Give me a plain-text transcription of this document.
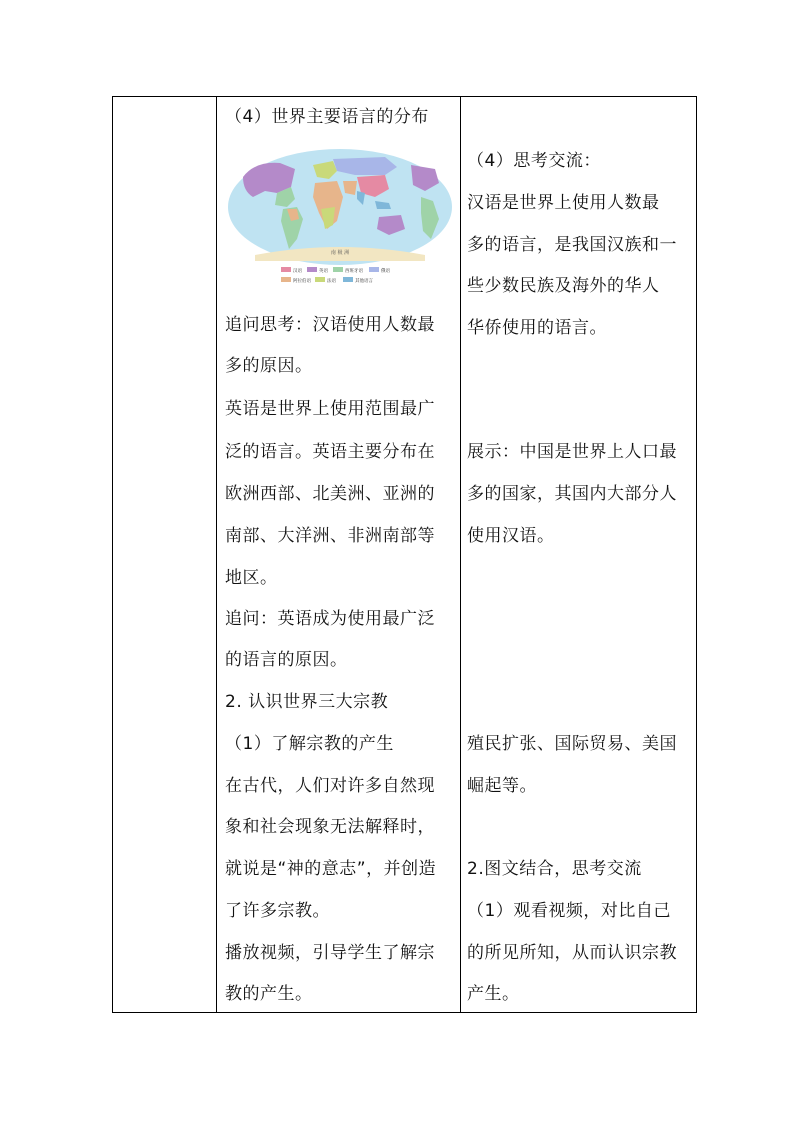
（4）世界主要语言的分布
南 极 洲
汉语	英语	西班牙语	俄语
阿拉伯语	法语	其他语言
追问思考：汉语使用人数最
多的原因。
英语是世界上使用范围最广
泛的语言。英语主要分布在
欧洲西部、北美洲、亚洲的
南部、大洋洲、非洲南部等
地区。
追问：英语成为使用最广泛
的语言的原因。
2. 认识世界三大宗教
（1）了解宗教的产生
在古代，人们对许多自然现
象和社会现象无法解释时，
就说是“神的意志”，并创造
了许多宗教。
播放视频，引导学生了解宗
教的产生。

（4）思考交流：
汉语是世界上使用人数最
多的语言，是我国汉族和一
些少数民族及海外的华人
华侨使用的语言。
展示：中国是世界上人口最
多的国家，其国内大部分人
使用汉语。
殖民扩张、国际贸易、美国
崛起等。
2.图文结合，思考交流
（1）观看视频，对比自己
的所见所知，从而认识宗教
产生。
